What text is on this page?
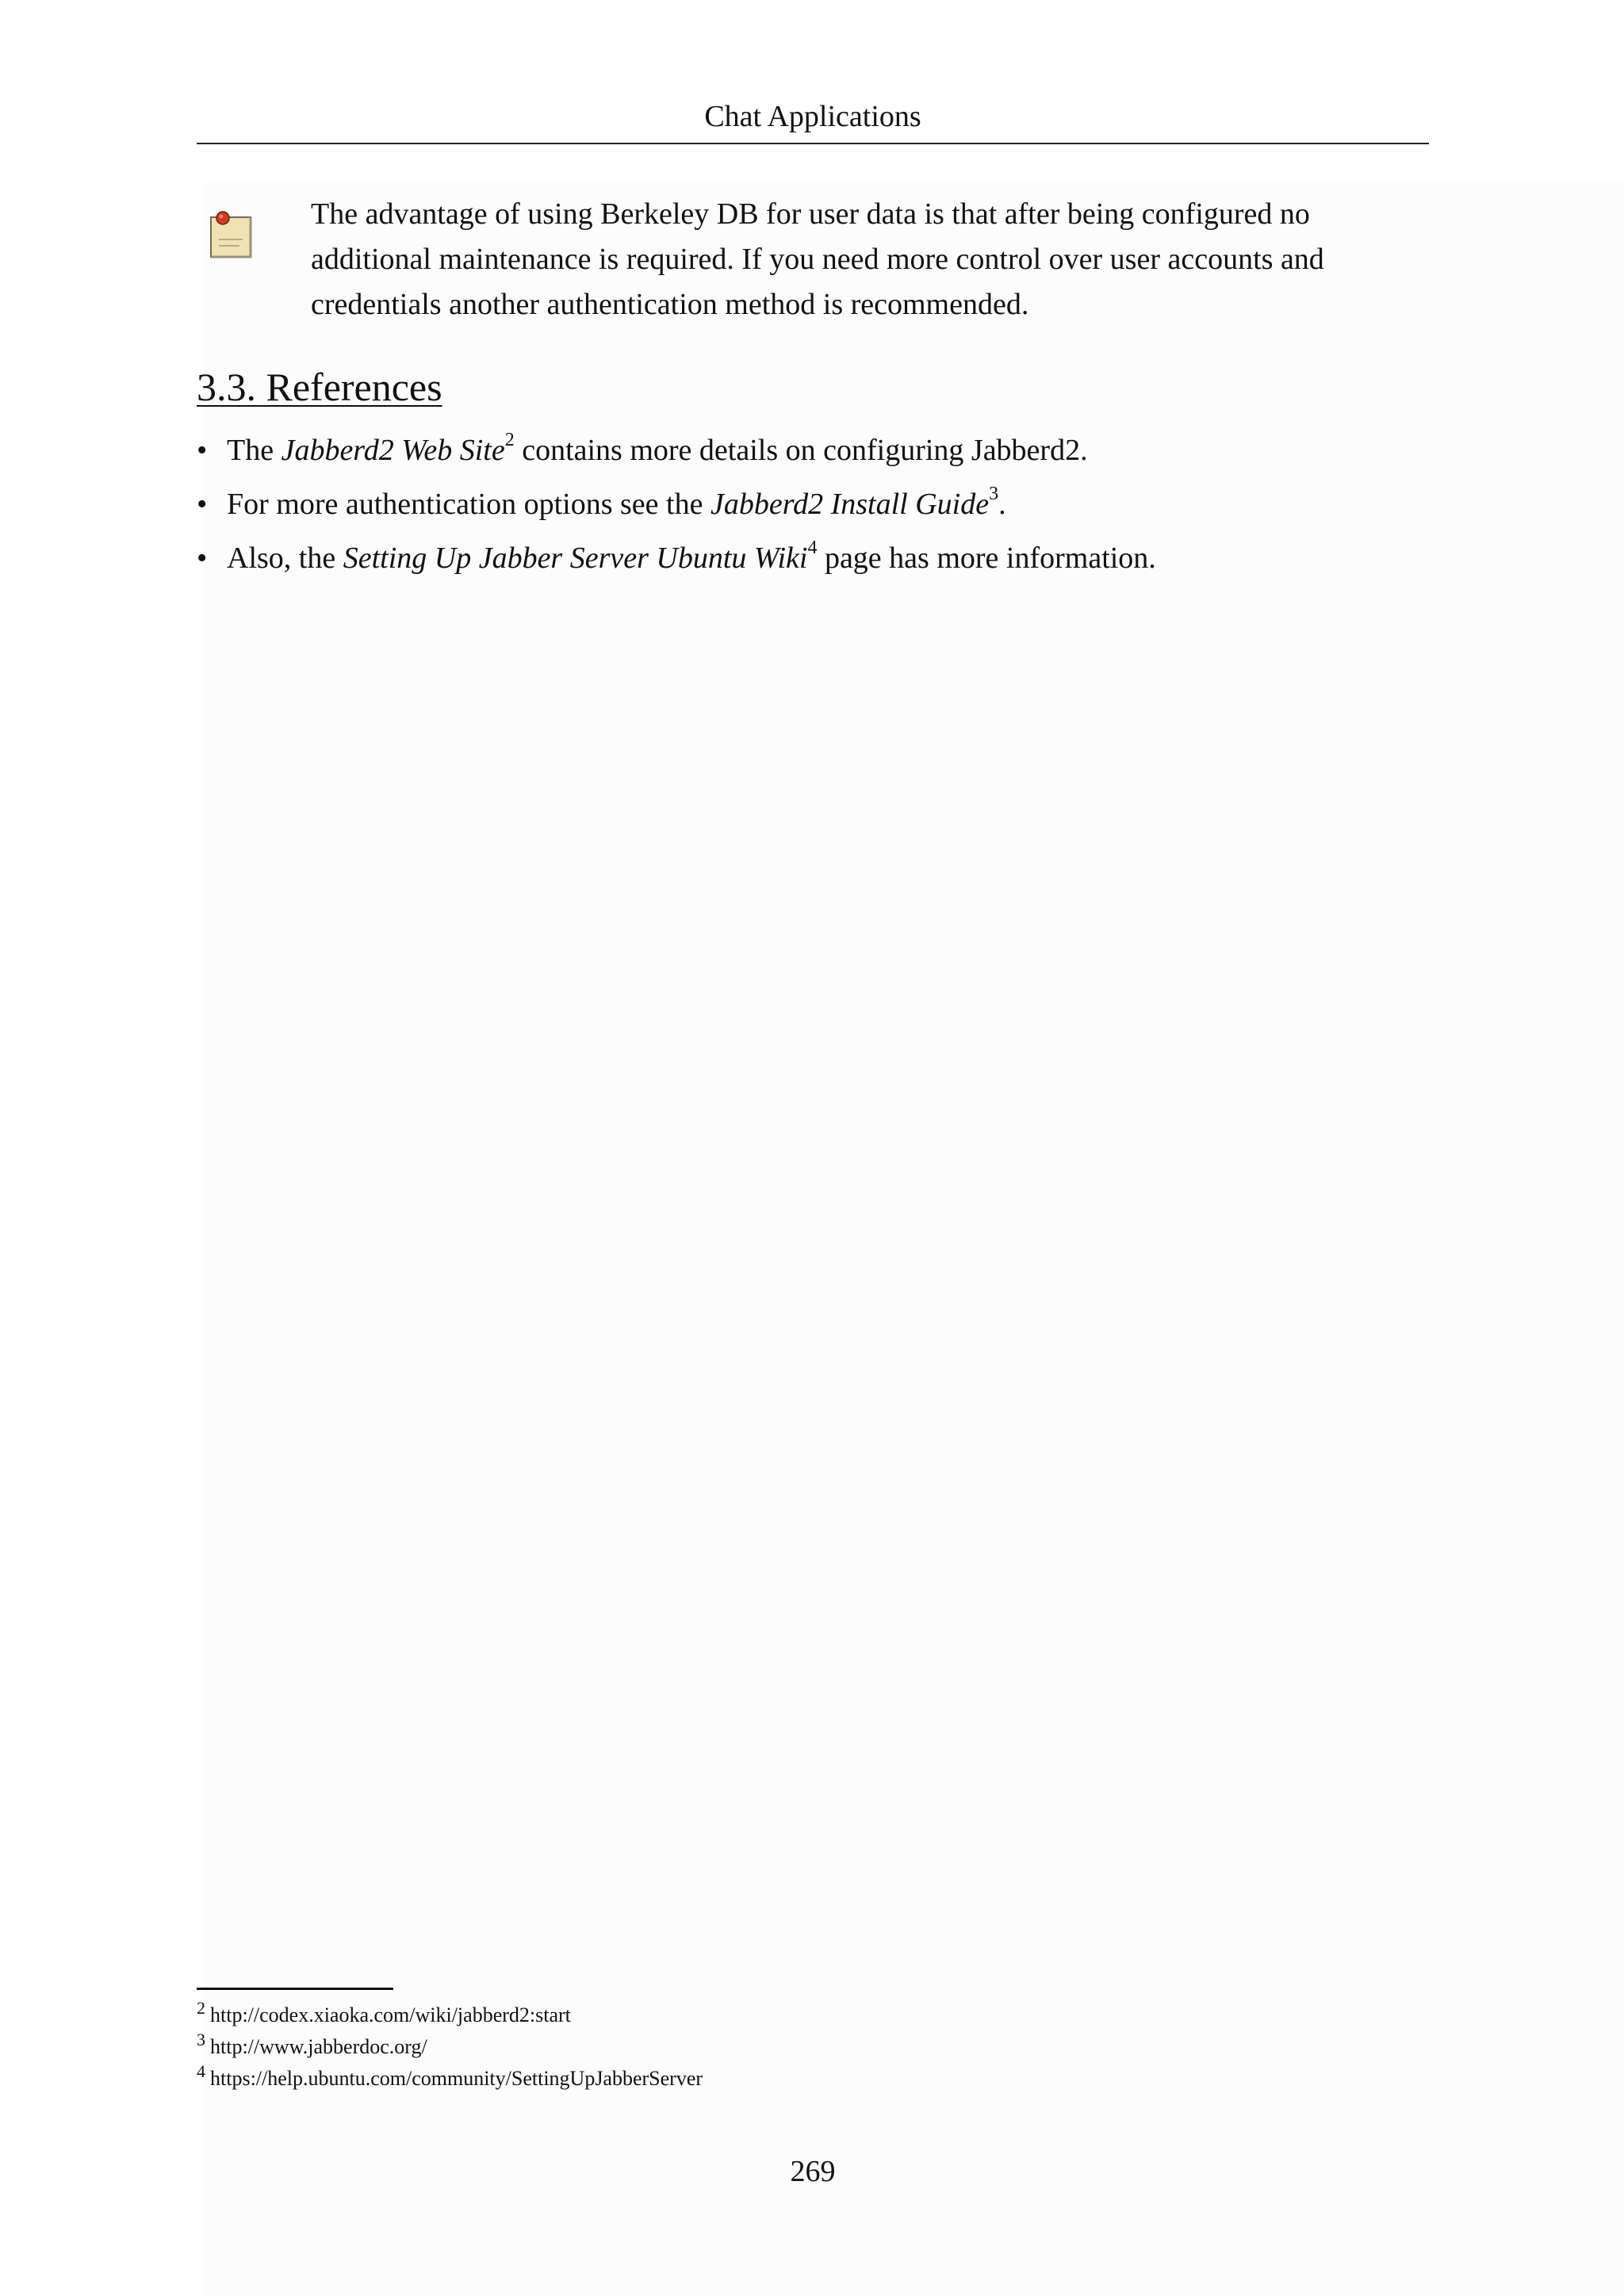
Chat Applications
The advantage of using Berkeley DB for user data is that after being configured no additional maintenance is required. If you need more control over user accounts and credentials another authentication method is recommended.
3.3. References
• The Jabberd2 Web Site$^2$ contains more details on configuring Jabberd2.
• For more authentication options see the Jabberd2 Install Guide$^3$.
• Also, the Setting Up Jabber Server Ubuntu Wiki$^4$ page has more information.
$^2$ http://codex.xiaoka.com/wiki/jabberd2:start
$^3$ http://www.jabberdoc.org/
$^4$ https://help.ubuntu.com/community/SettingUpJabberServer
269
